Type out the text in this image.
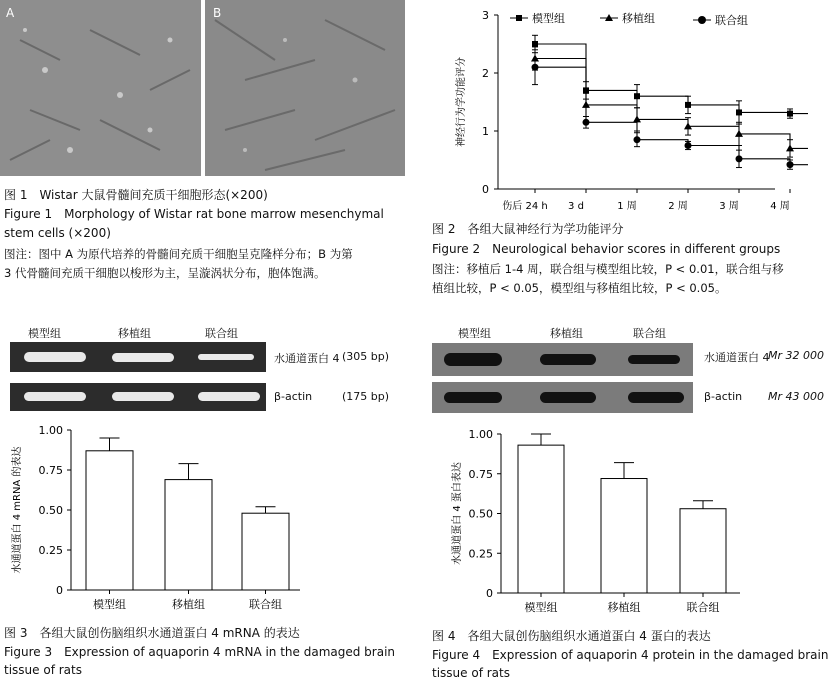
A	B
图 1　Wistar 大鼠骨髓间充质干细胞形态(×200)
Figure 1　Morphology of Wistar rat bone marrow mesenchymal
stem cells (×200)
图注：图中 A 为原代培养的骨髓间充质干细胞呈克隆样分布；B 为第
3 代骨髓间充质干细胞以梭形为主，呈漩涡状分布，胞体饱满。
0
1
2
3
伤后 24 h 3 d	1 周	2 周	3 周	4 周
神经行为学功能评分
模型组	移植组	联合组
图 2　各组大鼠神经行为学功能评分
Figure 2　Neurological behavior scores in different groups
图注：移植后 1-4 周，联合组与模型组比较，P < 0.01，联合组与移
植组比较，P < 0.05，模型组与移植组比较，P < 0.05。
模型组	移植组	联合组
水通道蛋白 4 (305 bp)
β-actin	(175 bp)
0
0.25
0.50
0.75
1.00
模型组	移植组	联合组
水通道蛋白 4 mRNA 的表达
图 3　各组大鼠创伤脑组织水通道蛋白 4 mRNA 的表达
Figure 3　Expression of aquaporin 4 mRNA in the damaged brain
tissue of rats
模型组	移植组	联合组
水通道蛋白 4
Mr 32 000
β-actin Mr 43 000
0
0.25
0.50
0.75
1.00
模型组	移植组	联合组
水通道蛋白 4 蛋白表达
图 4　各组大鼠创伤脑组织水通道蛋白 4 蛋白的表达
Figure 4　Expression of aquaporin 4 protein in the damaged brain
tissue of rats
